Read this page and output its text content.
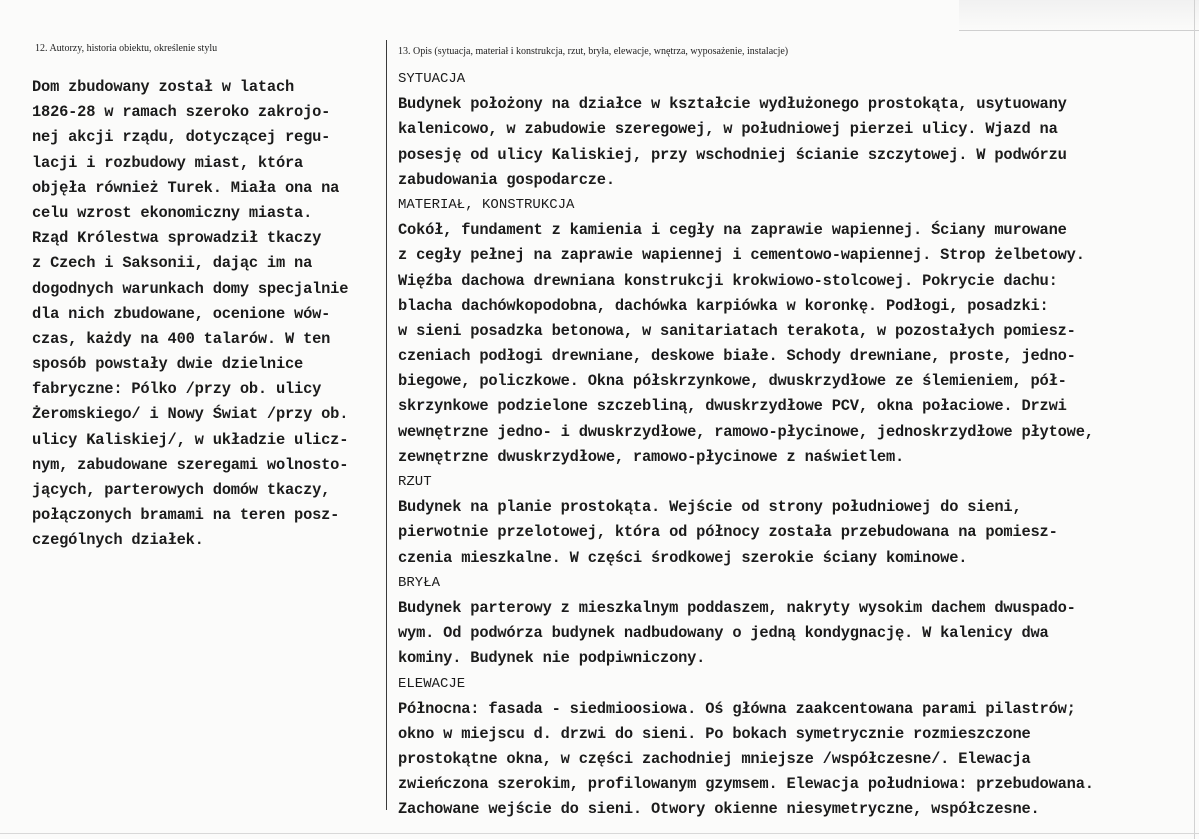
12. Autorzy, historia obiektu, określenie stylu	13. Opis (sytuacja, materiał i konstrukcja, rzut, bryła, elewacje, wnętrza, wyposażenie, instalacje)
Dom zbudowany został w latach
1826-28 w ramach szeroko zakrojo-
nej akcji rządu, dotyczącej regu-
lacji i rozbudowy miast, która
objęła również Turek. Miała ona na
celu wzrost ekonomiczny miasta.
Rząd Królestwa sprowadził tkaczy
z Czech i Saksonii, dając im na
dogodnych warunkach domy specjalnie
dla nich zbudowane, ocenione wów-
czas, każdy na 400 talarów. W ten
sposób powstały dwie dzielnice
fabryczne: Pólko /przy ob. ulicy
Żeromskiego/ i Nowy Świat /przy ob.
ulicy Kaliskiej/, w układzie ulicz-
nym, zabudowane szeregami wolnosto-
jących, parterowych domów tkaczy,
połączonych bramami na teren posz-
czególnych działek.
SYTUACJA
Budynek położony na działce w kształcie wydłużonego prostokąta, usytuowany
kalenicowo, w zabudowie szeregowej, w południowej pierzei ulicy. Wjazd na
posesję od ulicy Kaliskiej, przy wschodniej ścianie szczytowej. W podwórzu
zabudowania gospodarcze.
MATERIAŁ, KONSTRUKCJA
Cokół, fundament z kamienia i cegły na zaprawie wapiennej. Ściany murowane
z cegły pełnej na zaprawie wapiennej i cementowo-wapiennej. Strop żelbetowy.
Więźba dachowa drewniana konstrukcji krokwiowo-stolcowej. Pokrycie dachu:
blacha dachówkopodobna, dachówka karpiówka w koronkę. Podłogi, posadzki:
w sieni posadzka betonowa, w sanitariatach terakota, w pozostałych pomiesz-
czeniach podłogi drewniane, deskowe białe. Schody drewniane, proste, jedno-
biegowe, policzkowe. Okna półskrzynkowe, dwuskrzydłowe ze ślemieniem, pół-
skrzynkowe podzielone szczebliną, dwuskrzydłowe PCV, okna połaciowe. Drzwi
wewnętrzne jedno- i dwuskrzydłowe, ramowo-płycinowe, jednoskrzydłowe płytowe,
zewnętrzne dwuskrzydłowe, ramowo-płycinowe z naświetlem.
RZUT
Budynek na planie prostokąta. Wejście od strony południowej do sieni,
pierwotnie przelotowej, która od północy została przebudowana na pomiesz-
czenia mieszkalne. W części środkowej szerokie ściany kominowe.
BRYŁA
Budynek parterowy z mieszkalnym poddaszem, nakryty wysokim dachem dwuspado-
wym. Od podwórza budynek nadbudowany o jedną kondygnację. W kalenicy dwa
kominy. Budynek nie podpiwniczony.
ELEWACJE
Północna: fasada - siedmioosiowa. Oś główna zaakcentowana parami pilastrów;
okno w miejscu d. drzwi do sieni. Po bokach symetrycznie rozmieszczone
prostokątne okna, w części zachodniej mniejsze /współczesne/. Elewacja
zwieńczona szerokim, profilowanym gzymsem. Elewacja południowa: przebudowana.
Zachowane wejście do sieni. Otwory okienne niesymetryczne, współczesne.
